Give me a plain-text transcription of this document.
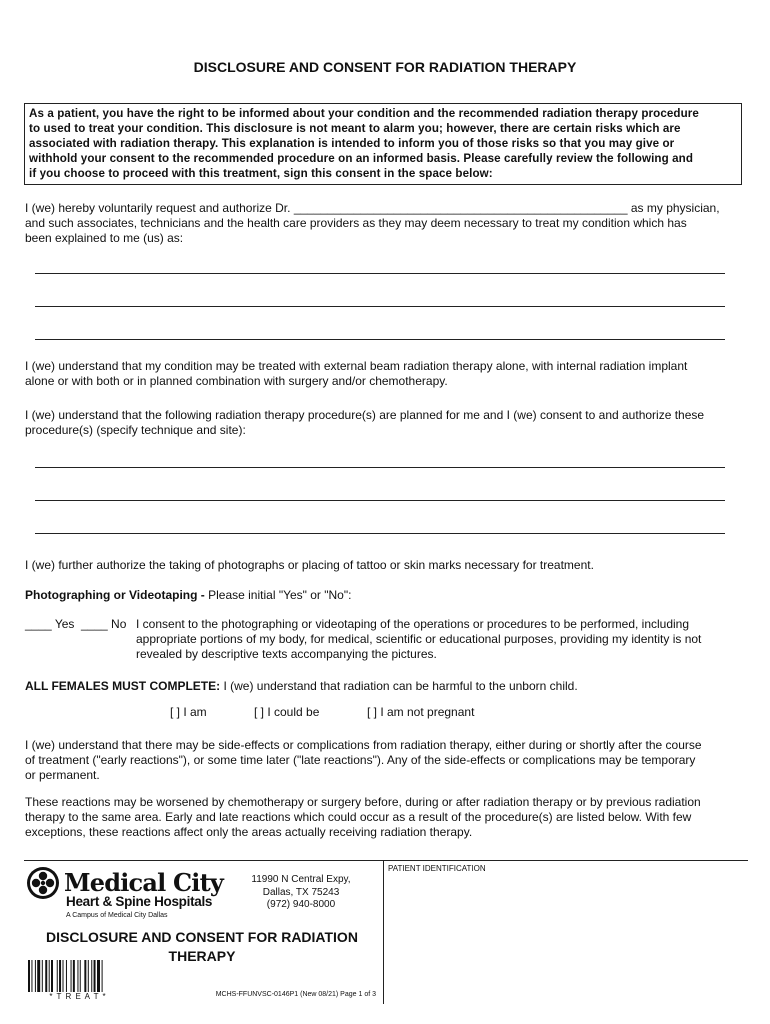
DISCLOSURE AND CONSENT FOR RADIATION THERAPY
As a patient, you have the right to be informed about your condition and the recommended radiation therapy procedure
to used to treat your condition. This disclosure is not meant to alarm you; however, there are certain risks which are
associated with radiation therapy. This explanation is intended to inform you of those risks so that you may give or
withhold your consent to the recommended procedure on an informed basis. Please carefully review the following and
if you choose to proceed with this treatment, sign this consent in the space below:
I (we) hereby voluntarily request and authorize Dr. __________________________________________________ as my physician,
and such associates, technicians and the health care providers as they may deem necessary to treat my condition which has
been explained to me (us) as:
I (we) understand that my condition may be treated with external beam radiation therapy alone, with internal radiation implant
alone or with both or in planned combination with surgery and/or chemotherapy.
I (we) understand that the following radiation therapy procedure(s) are planned for me and I (we) consent to and authorize these
procedure(s) (specify technique and site):
I (we) further authorize the taking of photographs or placing of tattoo or skin marks necessary for treatment.
Photographing or Videotaping - Please initial "Yes" or "No":
____ Yes ____ No I consent to the photographing or videotaping of the operations or procedures to be performed, including
appropriate portions of my body, for medical, scientific or educational purposes, providing my identity is not
revealed by descriptive texts accompanying the pictures.
ALL FEMALES MUST COMPLETE: I (we) understand that radiation can be harmful to the unborn child.
[ ] I am	[ ] I could be	[ ] I am not pregnant
I (we) understand that there may be side-effects or complications from radiation therapy, either during or shortly after the course
of treatment ("early reactions"), or some time later ("late reactions"). Any of the side-effects or complications may be temporary
or permanent.
These reactions may be worsened by chemotherapy or surgery before, during or after radiation therapy or by previous radiation
therapy to the same area. Early and late reactions which could occur as a result of the procedure(s) are listed below. With few
exceptions, these reactions affect only the areas actually receiving radiation therapy.
PATIENT IDENTIFICATION
Medical City
Heart & Spine Hospitals
A Campus of Medical City Dallas
11990 N Central Expy,
Dallas, TX 75243
(972) 940-8000
DISCLOSURE AND CONSENT FOR RADIATION
THERAPY
* T R E A T *	MCHS-FFUNVSC-0146P1 (New 08/21) Page 1 of 3
